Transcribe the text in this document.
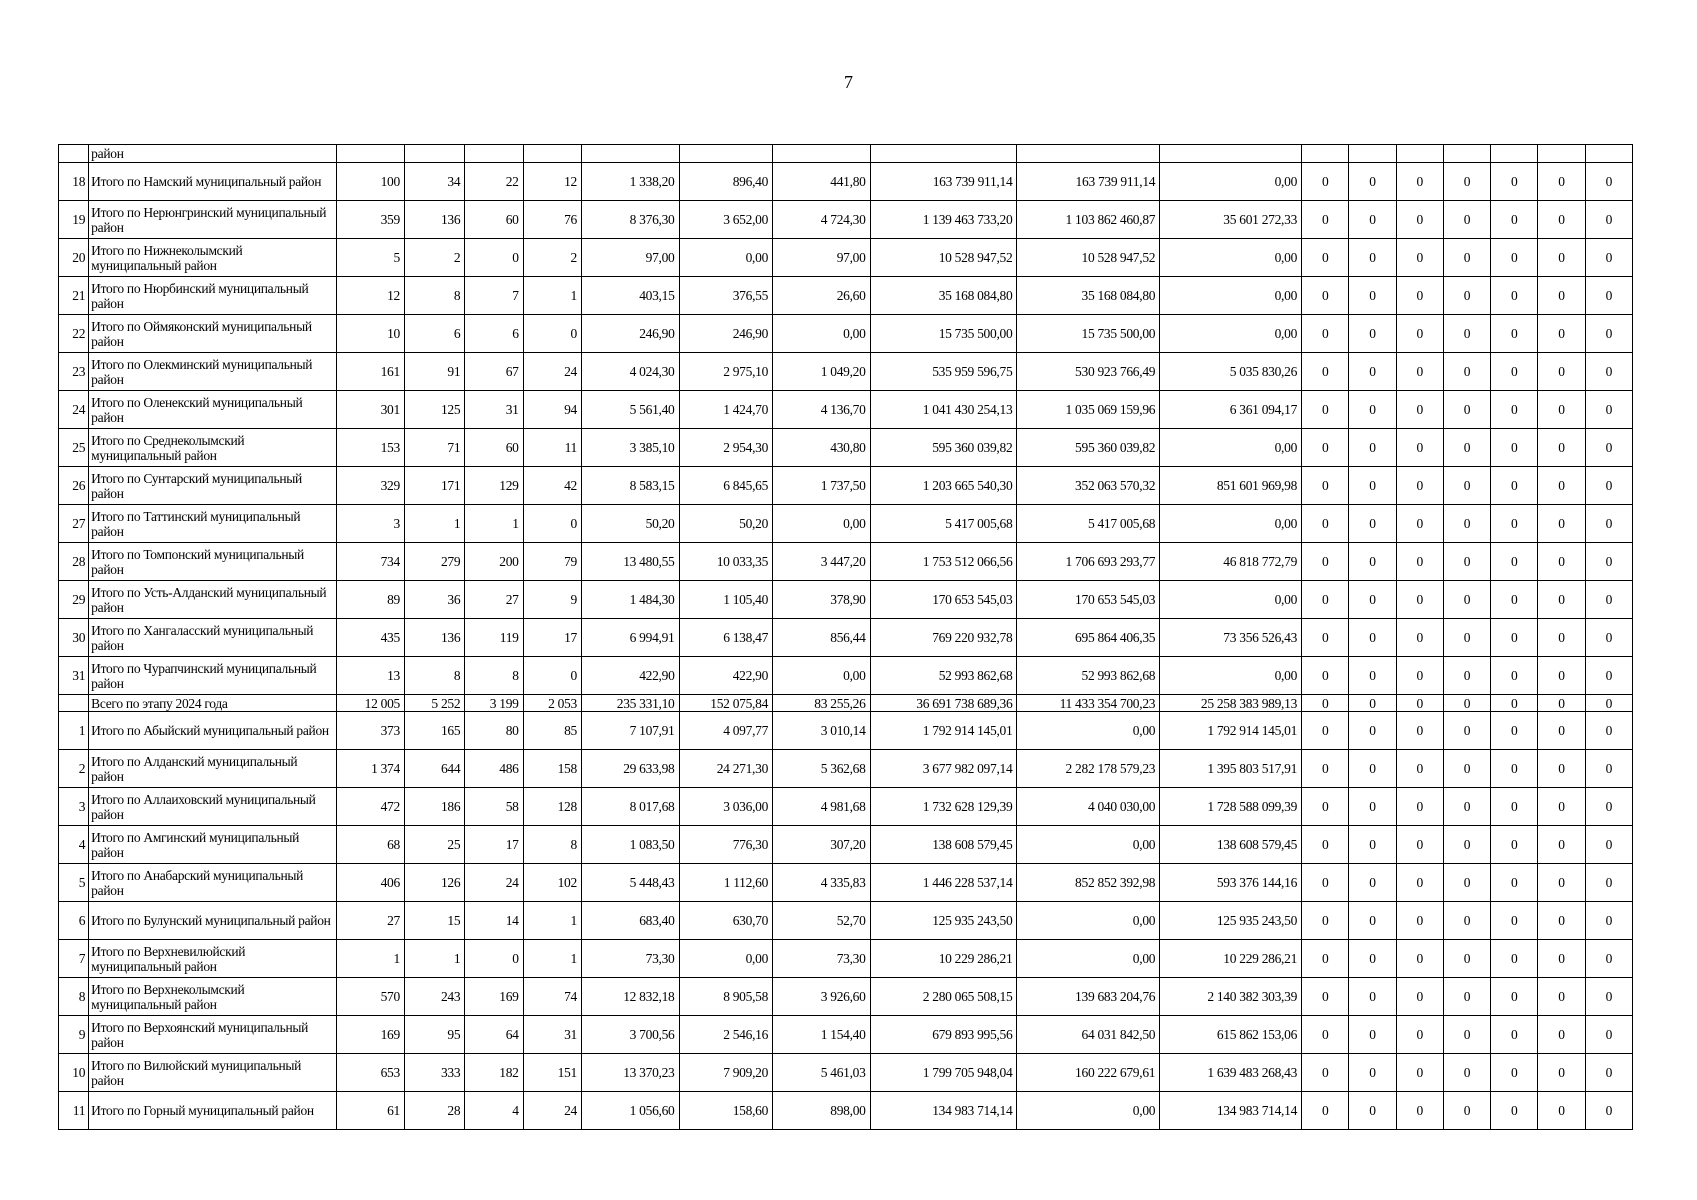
7
	район																	
18	Итого по Намский муниципальный район	100	34	22	12	1 338,20	896,40	441,80	163 739 911,14	163 739 911,14	0,00	0	0	0	0	0	0	0
19	Итого по Нерюнгринский муниципальный район	359	136	60	76	8 376,30	3 652,00	4 724,30	1 139 463 733,20	1 103 862 460,87	35 601 272,33	0	0	0	0	0	0	0
20	Итого по Нижнеколымский муниципальный район	5	2	0	2	97,00	0,00	97,00	10 528 947,52	10 528 947,52	0,00	0	0	0	0	0	0	0
21	Итого по Нюрбинский муниципальный район	12	8	7	1	403,15	376,55	26,60	35 168 084,80	35 168 084,80	0,00	0	0	0	0	0	0	0
22	Итого по Оймяконский муниципальный район	10	6	6	0	246,90	246,90	0,00	15 735 500,00	15 735 500,00	0,00	0	0	0	0	0	0	0
23	Итого по Олекминский муниципальный район	161	91	67	24	4 024,30	2 975,10	1 049,20	535 959 596,75	530 923 766,49	5 035 830,26	0	0	0	0	0	0	0
24	Итого по Оленекский муниципальный район	301	125	31	94	5 561,40	1 424,70	4 136,70	1 041 430 254,13	1 035 069 159,96	6 361 094,17	0	0	0	0	0	0	0
25	Итого по Среднеколымский муниципальный район	153	71	60	11	3 385,10	2 954,30	430,80	595 360 039,82	595 360 039,82	0,00	0	0	0	0	0	0	0
26	Итого по Сунтарский муниципальный район	329	171	129	42	8 583,15	6 845,65	1 737,50	1 203 665 540,30	352 063 570,32	851 601 969,98	0	0	0	0	0	0	0
27	Итого по Таттинский муниципальный район	3	1	1	0	50,20	50,20	0,00	5 417 005,68	5 417 005,68	0,00	0	0	0	0	0	0	0
28	Итого по Томпонский муниципальный район	734	279	200	79	13 480,55	10 033,35	3 447,20	1 753 512 066,56	1 706 693 293,77	46 818 772,79	0	0	0	0	0	0	0
29	Итого по Усть-Алданский муниципальный район	89	36	27	9	1 484,30	1 105,40	378,90	170 653 545,03	170 653 545,03	0,00	0	0	0	0	0	0	0
30	Итого по Хангаласский муниципальный район	435	136	119	17	6 994,91	6 138,47	856,44	769 220 932,78	695 864 406,35	73 356 526,43	0	0	0	0	0	0	0
31	Итого по Чурапчинский муниципальный район	13	8	8	0	422,90	422,90	0,00	52 993 862,68	52 993 862,68	0,00	0	0	0	0	0	0	0
	Всего по этапу 2024 года	12 005	5 252	3 199	2 053	235 331,10	152 075,84	83 255,26	36 691 738 689,36	11 433 354 700,23	25 258 383 989,13	0	0	0	0	0	0	0
1	Итого по Абыйский муниципальный район	373	165	80	85	7 107,91	4 097,77	3 010,14	1 792 914 145,01	0,00	1 792 914 145,01	0	0	0	0	0	0	0
2	Итого по Алданский муниципальный район	1 374	644	486	158	29 633,98	24 271,30	5 362,68	3 677 982 097,14	2 282 178 579,23	1 395 803 517,91	0	0	0	0	0	0	0
3	Итого по Аллаиховский муниципальный район	472	186	58	128	8 017,68	3 036,00	4 981,68	1 732 628 129,39	4 040 030,00	1 728 588 099,39	0	0	0	0	0	0	0
4	Итого по Амгинский муниципальный район	68	25	17	8	1 083,50	776,30	307,20	138 608 579,45	0,00	138 608 579,45	0	0	0	0	0	0	0
5	Итого по Анабарский муниципальный район	406	126	24	102	5 448,43	1 112,60	4 335,83	1 446 228 537,14	852 852 392,98	593 376 144,16	0	0	0	0	0	0	0
6	Итого по Булунский муниципальный район	27	15	14	1	683,40	630,70	52,70	125 935 243,50	0,00	125 935 243,50	0	0	0	0	0	0	0
7	Итого по Верхневилюйский муниципальный район	1	1	0	1	73,30	0,00	73,30	10 229 286,21	0,00	10 229 286,21	0	0	0	0	0	0	0
8	Итого по Верхнеколымский муниципальный район	570	243	169	74	12 832,18	8 905,58	3 926,60	2 280 065 508,15	139 683 204,76	2 140 382 303,39	0	0	0	0	0	0	0
9	Итого по Верхоянский муниципальный район	169	95	64	31	3 700,56	2 546,16	1 154,40	679 893 995,56	64 031 842,50	615 862 153,06	0	0	0	0	0	0	0
10	Итого по Вилюйский муниципальный район	653	333	182	151	13 370,23	7 909,20	5 461,03	1 799 705 948,04	160 222 679,61	1 639 483 268,43	0	0	0	0	0	0	0
11	Итого по Горный муниципальный район	61	28	4	24	1 056,60	158,60	898,00	134 983 714,14	0,00	134 983 714,14	0	0	0	0	0	0	0
